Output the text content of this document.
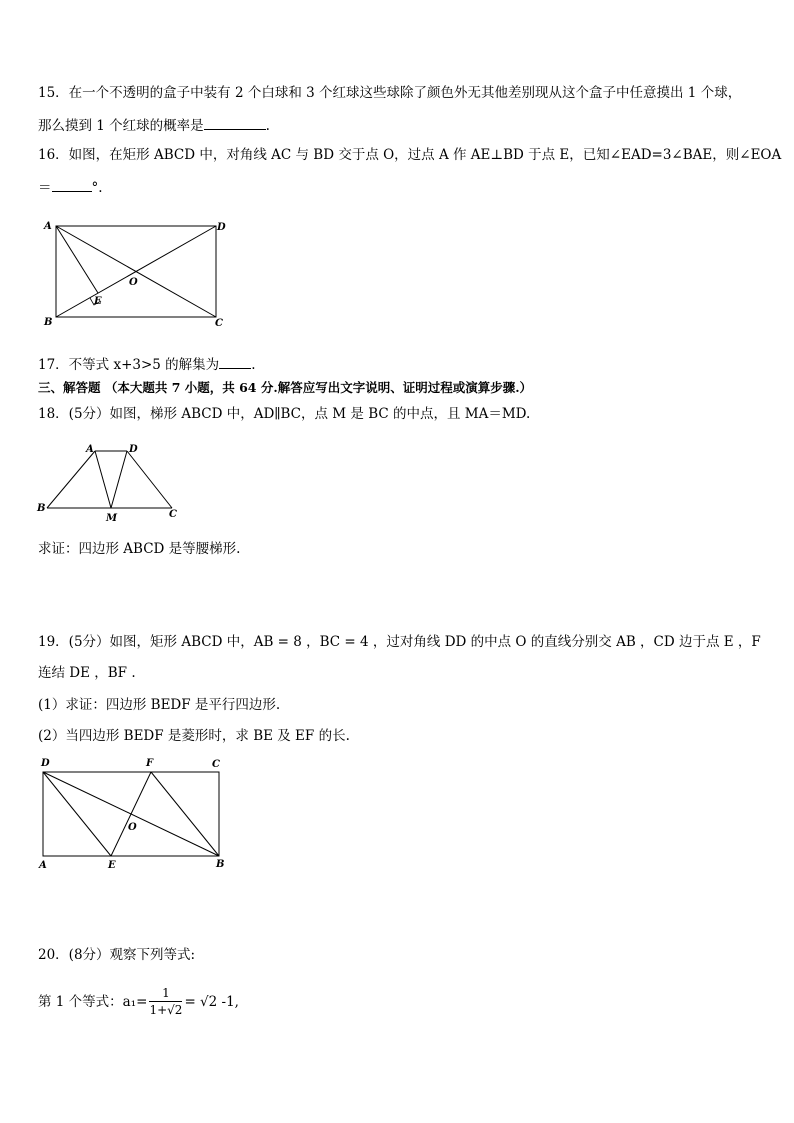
15．在一个不透明的盒子中装有 2 个白球和 3 个红球这些球除了颜色外无其他差别现从这个盒子中任意摸出 1 个球，
那么摸到 1 个红球的概率是	.
16．如图，在矩形 ABCD 中，对角线 AC 与 BD 交于点 O，过点 A 作 AE⊥BD 于点 E，已知∠EAD=3∠BAE，则∠EOA
＝	°.
A	D
B	C
E
O
17．不等式 x+3>5 的解集为 .
三、解答题 （本大题共 7 小题，共 64 分.解答应写出文字说明、证明过程或演算步骤.）
18．(5分）如图，梯形 ABCD 中，AD∥BC，点 M 是 BC 的中点，且 MA＝MD.
A	D
B
C
M
求证：四边形 ABCD 是等腰梯形.
19．(5分）如图，矩形 ABCD 中，AB = 8 ，BC = 4 ，过对角线 DD 的中点 O 的直线分别交 AB ，CD 边于点 E ，F
连结 DE ，BF .
(1）求证：四边形 BEDF 是平行四边形.
(2）当四边形 BEDF 是菱形时，求 BE 及 EF 的长.
D	F	C
A	E	B
O
20．(8分）观察下列等式:
第 1 个等式：$a_1= \frac{1}{1+√2} = √2$ -1,
